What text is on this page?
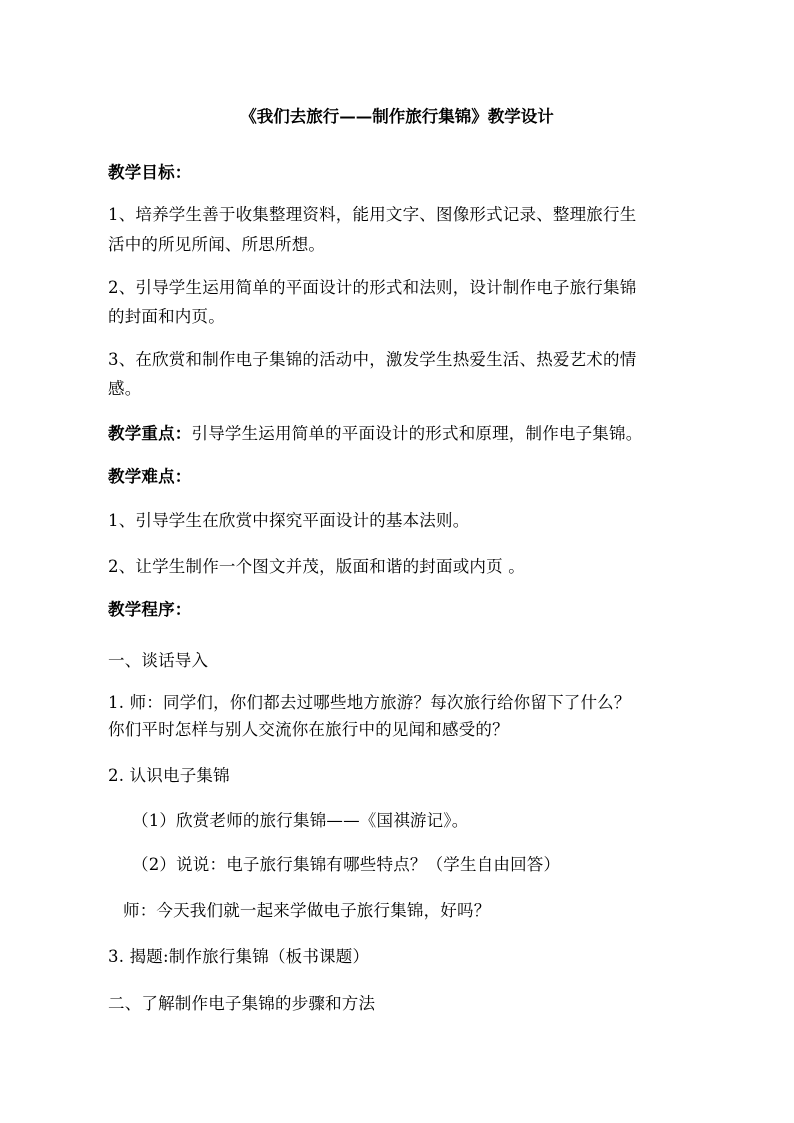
《我们去旅行——制作旅行集锦》教学设计
教学目标：
1、培养学生善于收集整理资料，能用文字、图像形式记录、整理旅行生
活中的所见所闻、所思所想。
2、引导学生运用简单的平面设计的形式和法则，设计制作电子旅行集锦
的封面和内页。
3、在欣赏和制作电子集锦的活动中，激发学生热爱生活、热爱艺术的情
感。
教学重点：引导学生运用简单的平面设计的形式和原理，制作电子集锦。
教学难点：
1、引导学生在欣赏中探究平面设计的基本法则。
2、让学生制作一个图文并茂，版面和谐的封面或内页 。
教学程序：
一、谈话导入
1. 师：同学们，你们都去过哪些地方旅游？每次旅行给你留下了什么？
你们平时怎样与别人交流你在旅行中的见闻和感受的？
2. 认识电子集锦
（1）欣赏老师的旅行集锦——《国祺游记》。
（2）说说：电子旅行集锦有哪些特点？（学生自由回答）
师：今天我们就一起来学做电子旅行集锦，好吗？
3. 揭题:制作旅行集锦（板书课题）
二、了解制作电子集锦的步骤和方法
